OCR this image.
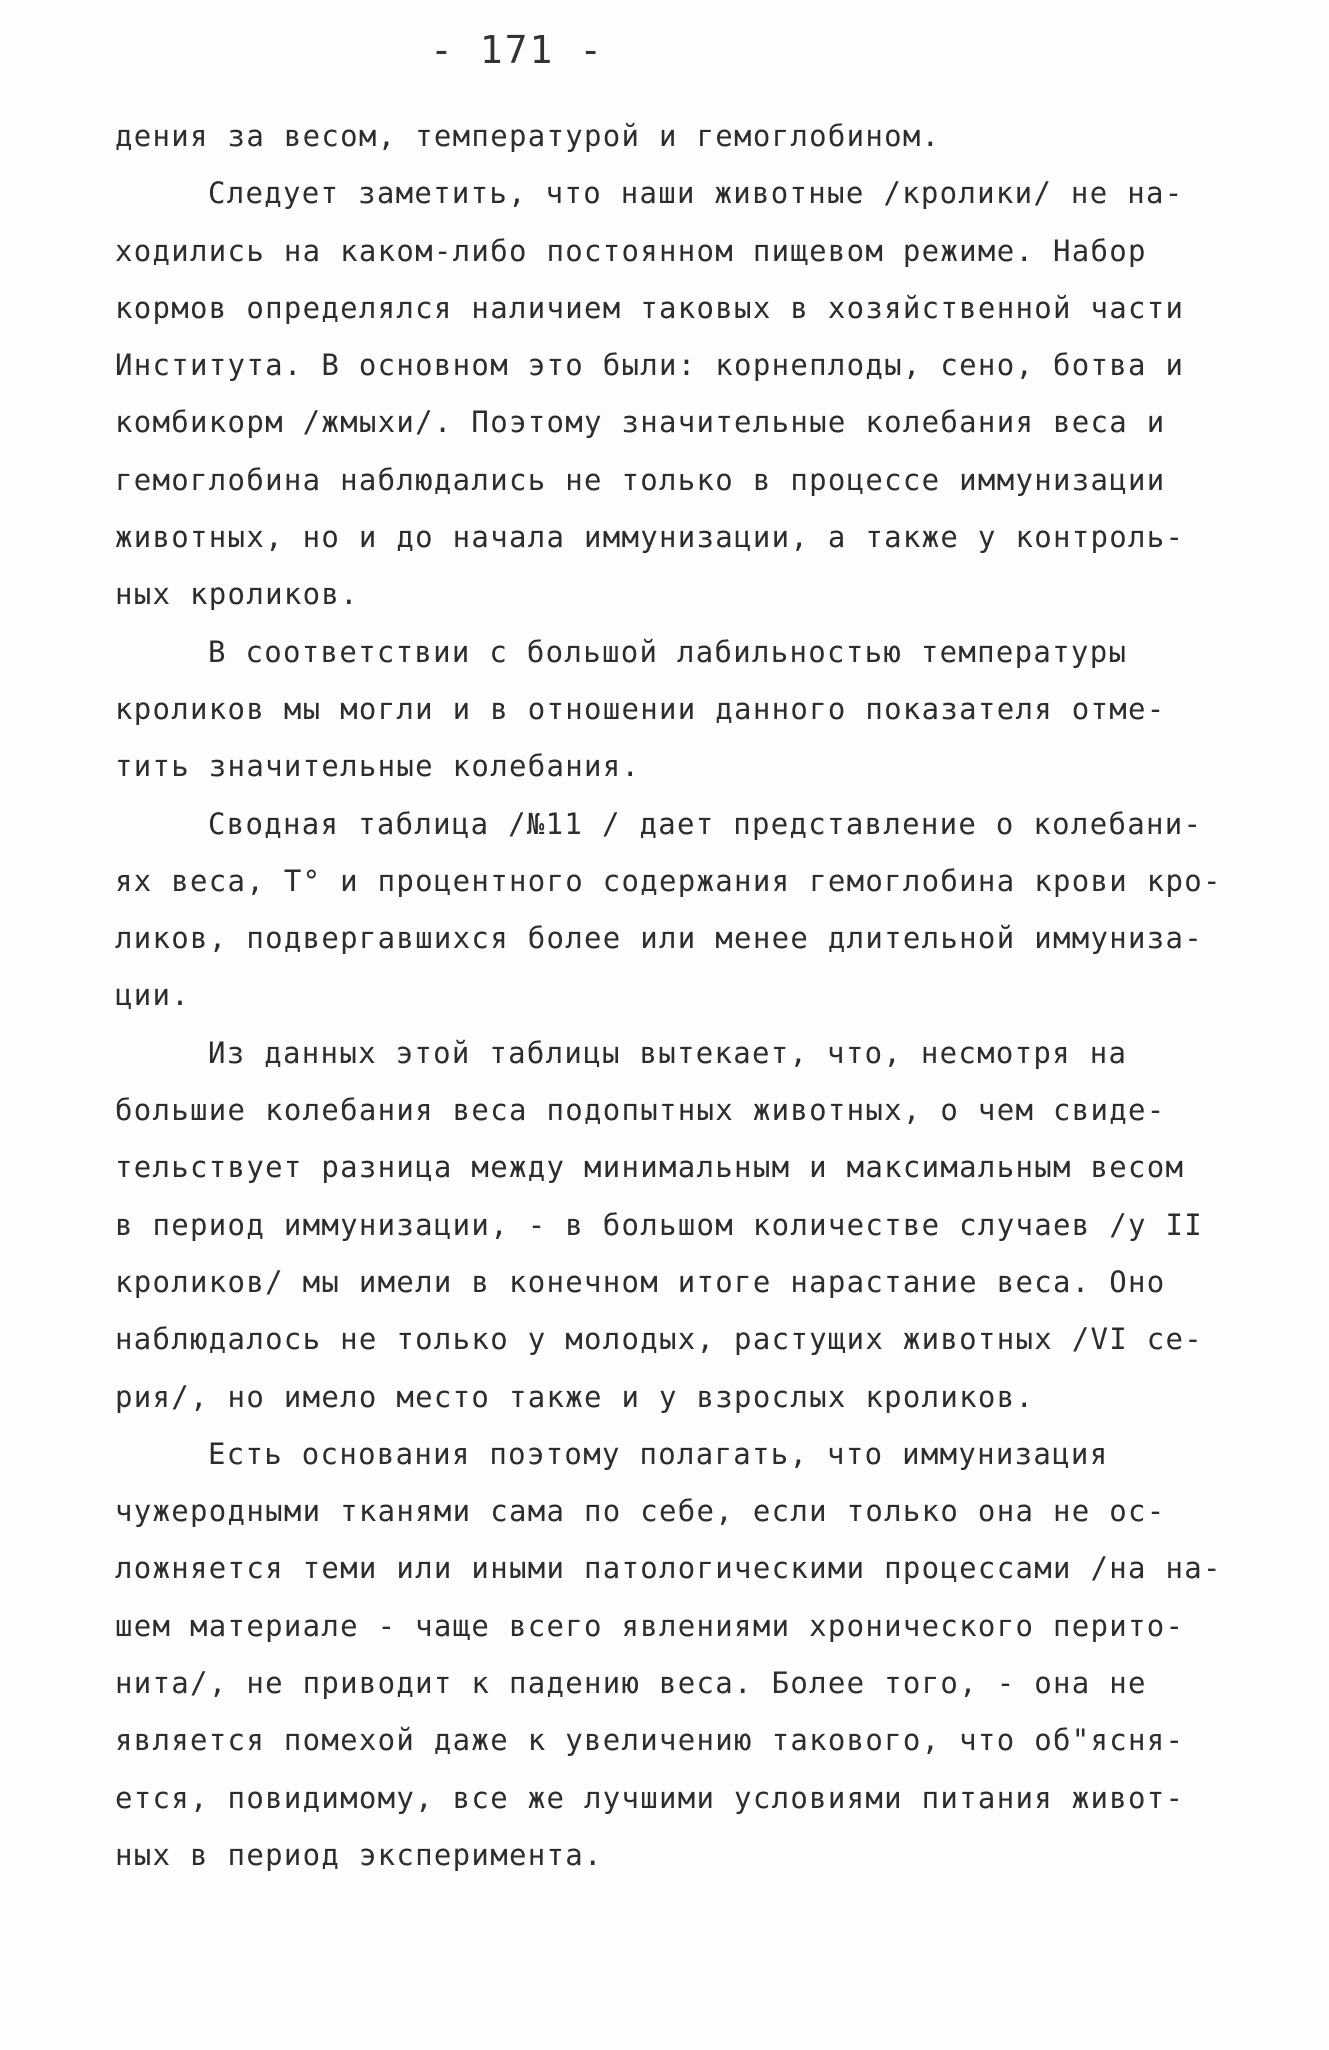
- 171 -
дения за весом, температурой и гемоглобином.
Следует заметить, что наши животные /кролики/ не на-
ходились на каком-либо постоянном пищевом режиме. Набор
кормов определялся наличием таковых в хозяйственной части
Института. В основном это были: корнеплоды, сено, ботва и
комбикорм /жмыхи/. Поэтому значительные колебания веса и
гемоглобина наблюдались не только в процессе иммунизации
животных, но и до начала иммунизации, а также у контроль-
ных кроликов.
В соответствии с большой лабильностью температуры
кроликов мы могли и в отношении данного показателя отме-
тить значительные колебания.
Сводная таблица /№11 / дает представление о колебани-
ях веса, Т° и процентного содержания гемоглобина крови кро-
ликов, подвергавшихся более или менее длительной иммуниза-
ции.
Из данных этой таблицы вытекает, что, несмотря на
большие колебания веса подопытных животных, о чем свиде-
тельствует разница между минимальным и максимальным весом
в период иммунизации, - в большом количестве случаев /у II
кроликов/ мы имели в конечном итоге нарастание веса. Оно
наблюдалось не только у молодых, растущих животных /VI се-
рия/, но имело место также и у взрослых кроликов.
Есть основания поэтому полагать, что иммунизация
чужеродными тканями сама по себе, если только она не ос-
ложняется теми или иными патологическими процессами /на на-
шем материале - чаще всего явлениями хронического перито-
нита/, не приводит к падению веса. Более того, - она не
является помехой даже к увеличению такового, что об"ясня-
ется, повидимому, все же лучшими условиями питания живот-
ных в период эксперимента.
